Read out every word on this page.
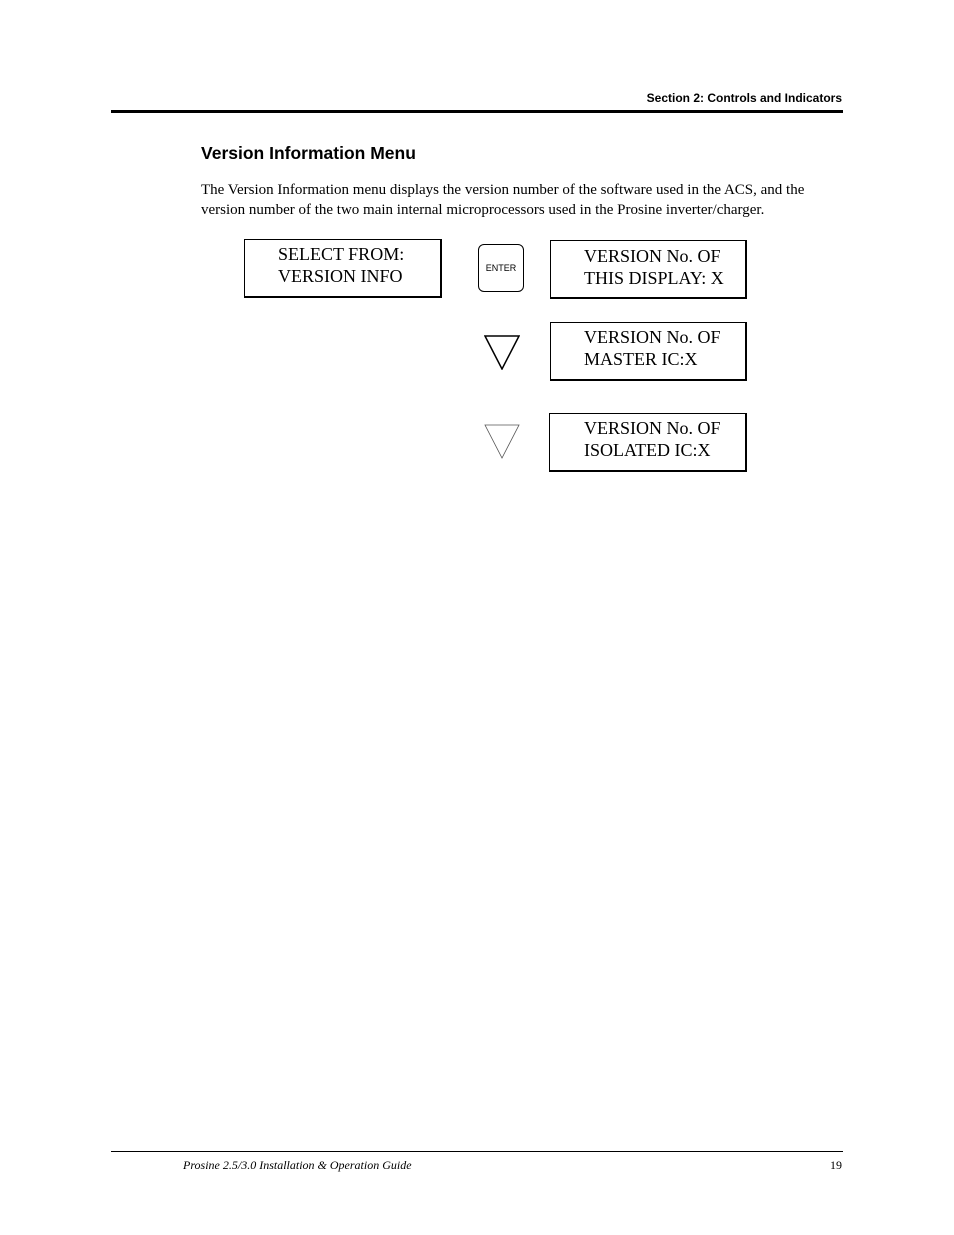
Section 2: Controls and Indicators
Version Information Menu
The Version Information menu displays the version number of the software used in the ACS, and the version number of the two main internal microprocessors used in the Prosine inverter/charger.
SELECT FROM:
VERSION INFO	ENTER
VERSION No. OF
THIS DISPLAY: X
VERSION No. OF
MASTER IC:X
VERSION No. OF
ISOLATED IC:X
Prosine 2.5/3.0 Installation & Operation Guide	19
